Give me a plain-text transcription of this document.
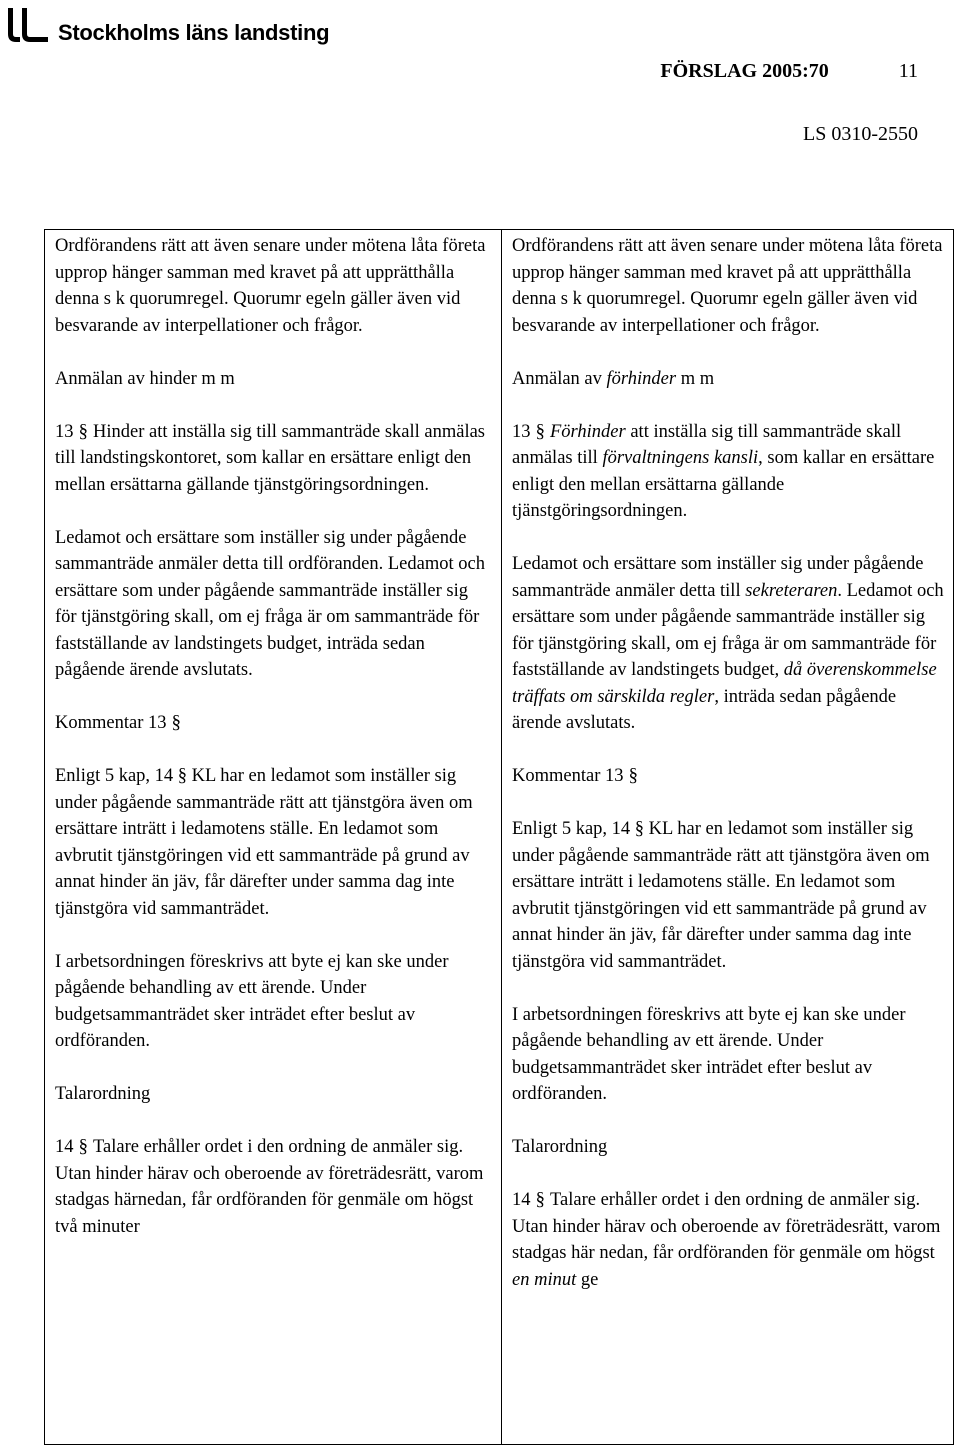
Stockholms läns landsting
FÖRSLAG 2005:70	11
LS 0310-2550

Ordförandens rätt att även senare under mötena låta företa upprop hänger samman med kravet på att upprätthålla denna s k quorumregel. Quorumr egeln gäller även vid besvarande av interpellationer och frågor.

Anmälan av hinder m m

13 § Hinder att inställa sig till sammanträde skall anmälas till landstingskontoret, som kallar en ersättare enligt den mellan ersättarna gällande tjänstgöringsordningen.

Ledamot och ersättare som inställer sig under pågående sammanträde anmäler detta till ordföranden. Ledamot och ersättare som under pågående sammanträde inställer sig för tjänstgöring skall, om ej fråga är om sammanträde för fastställande av landstingets budget, inträda sedan pågående ärende avslutats.

Kommentar 13 §

Enligt 5 kap, 14 § KL har en ledamot som inställer sig under pågående sammanträde rätt att tjänstgöra även om ersättare inträtt i ledamotens ställe. En ledamot som avbrutit tjänstgöringen vid ett sammanträde på grund av annat hinder än jäv, får därefter under samma dag inte tjänstgöra vid sammanträdet.

I arbetsordningen föreskrivs att byte ej kan ske under pågående behandling av ett ärende. Under budgetsammanträdet sker inträdet efter beslut av ordföranden.

Talarordning

14 § Talare erhåller ordet i den ordning de anmäler sig. Utan hinder härav och oberoende av företrädesrätt, varom stadgas härnedan, får ordföranden för genmäle om högst två minuter

Ordförandens rätt att även senare under mötena låta företa upprop hänger samman med kravet på att upprätthålla denna s k quorumregel. Quorumr egeln gäller även vid besvarande av interpellationer och frågor.

Anmälan av förhinder m m

13 § Förhinder att inställa sig till sammanträde skall anmälas till förvaltningens kansli, som kallar en ersättare enligt den mellan ersättarna gällande tjänstgöringsordningen.

Ledamot och ersättare som inställer sig under pågående sammanträde anmäler detta till sekreteraren. Ledamot och ersättare som under pågående sammanträde inställer sig för tjänstgöring skall, om ej fråga är om sammanträde för fastställande av landstingets budget, då överenskommelse träffats om särskilda regler, inträda sedan pågående ärende avslutats.

Kommentar 13 §

Enligt 5 kap, 14 § KL har en ledamot som inställer sig under pågående sammanträde rätt att tjänstgöra även om ersättare inträtt i ledamotens ställe. En ledamot som avbrutit tjänstgöringen vid ett sammanträde på grund av annat hinder än jäv, får därefter under samma dag inte tjänstgöra vid sammanträdet.

I arbetsordningen föreskrivs att byte ej kan ske under pågående behandling av ett ärende. Under budgetsammanträdet sker inträdet efter beslut av ordföranden.

Talarordning

14 § Talare erhåller ordet i den ordning de anmäler sig. Utan hinder härav och oberoende av företrädesrätt, varom stadgas här nedan, får ordföranden för genmäle om högst en minut ge
